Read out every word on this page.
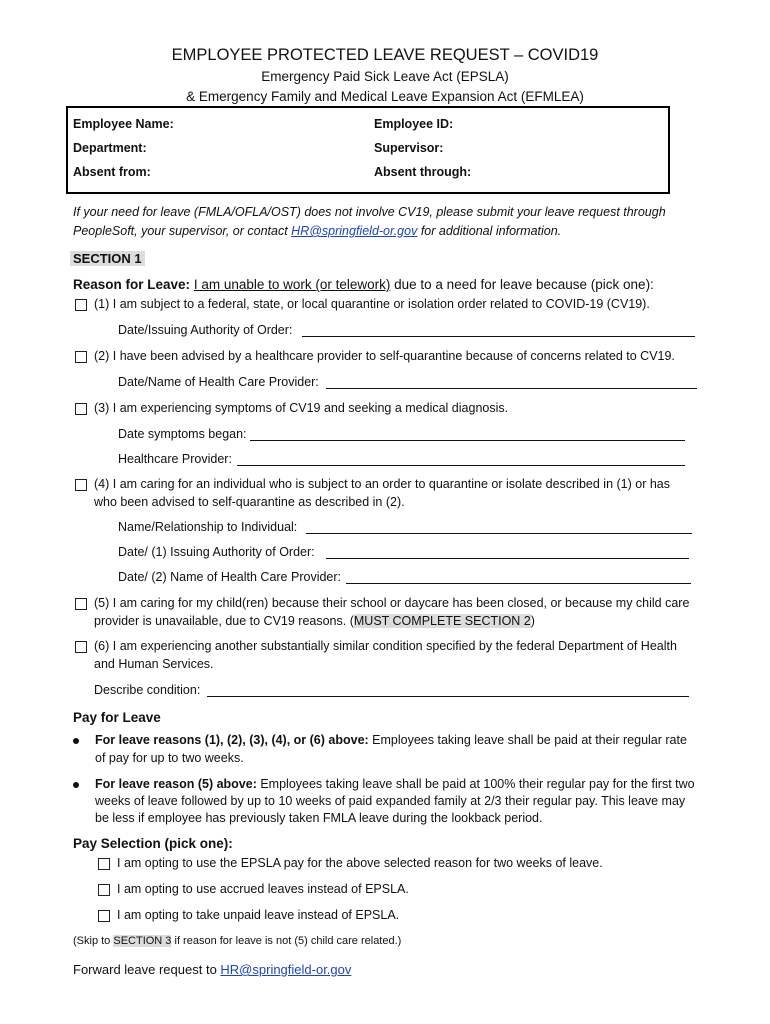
EMPLOYEE PROTECTED LEAVE REQUEST – COVID19
Emergency Paid Sick Leave Act (EPSLA)
& Emergency Family and Medical Leave Expansion Act (EFMLEA)
Employee Name:	Employee ID:
Department:	Supervisor:
Absent from:	Absent through:
If your need for leave (FMLA/OFLA/OST) does not involve CV19, please submit your leave request through
PeopleSoft, your supervisor, or contact HR@springfield-or.gov for additional information.
SECTION 1
Reason for Leave: I am unable to work (or telework) due to a need for leave because (pick one):
(1) I am subject to a federal, state, or local quarantine or isolation order related to COVID-19 (CV19).
Date/Issuing Authority of Order:
(2) I have been advised by a healthcare provider to self-quarantine because of concerns related to CV19.
Date/Name of Health Care Provider:
(3) I am experiencing symptoms of CV19 and seeking a medical diagnosis.
Date symptoms began:
Healthcare Provider:
(4) I am caring for an individual who is subject to an order to quarantine or isolate described in (1) or has
who been advised to self-quarantine as described in (2).
Name/Relationship to Individual:
Date/ (1) Issuing Authority of Order:
Date/ (2) Name of Health Care Provider:
(5) I am caring for my child(ren) because their school or daycare has been closed, or because my child care
provider is unavailable, due to CV19 reasons. (MUST COMPLETE SECTION 2)
(6) I am experiencing another substantially similar condition specified by the federal Department of Health
and Human Services.
Describe condition:
Pay for Leave
For leave reasons (1), (2), (3), (4), or (6) above: Employees taking leave shall be paid at their regular rate
of pay for up to two weeks.
For leave reason (5) above: Employees taking leave shall be paid at 100% their regular pay for the first two
weeks of leave followed by up to 10 weeks of paid expanded family at 2/3 their regular pay. This leave may
be less if employee has previously taken FMLA leave during the lookback period.
Pay Selection (pick one):
I am opting to use the EPSLA pay for the above selected reason for two weeks of leave.
I am opting to use accrued leaves instead of EPSLA.
I am opting to take unpaid leave instead of EPSLA.
(Skip to SECTION 3 if reason for leave is not (5) child care related.)
Forward leave request to HR@springfield-or.gov
